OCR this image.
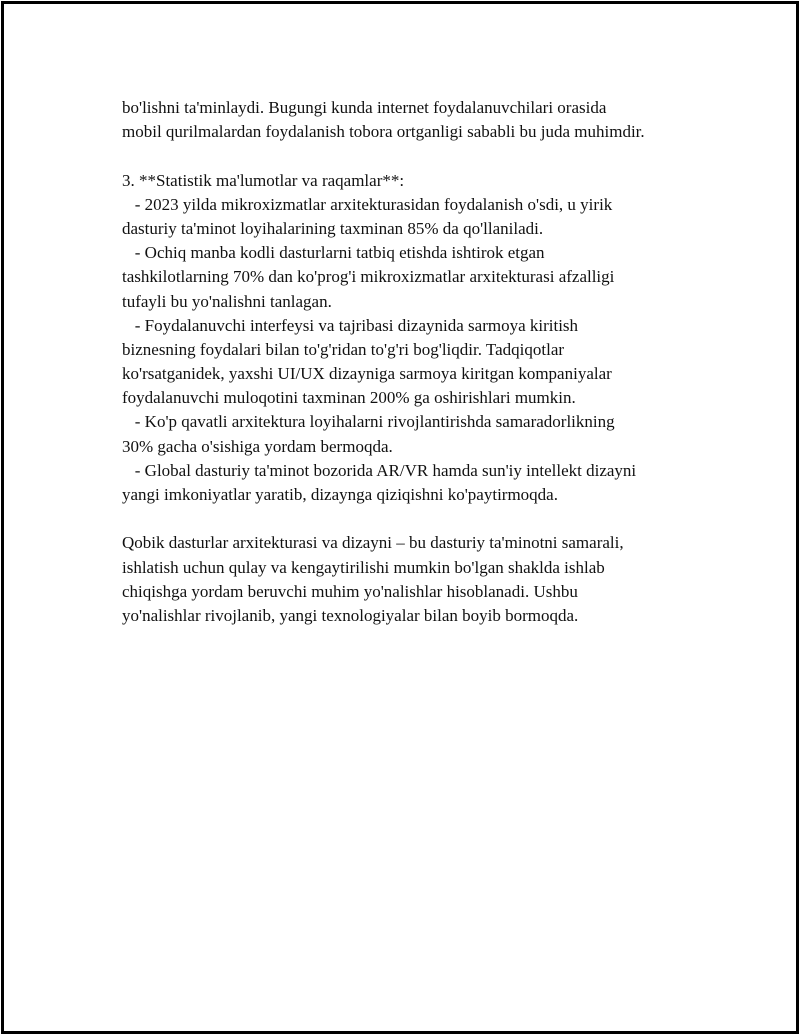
bo'lishni ta'minlaydi. Bugungi kunda internet foydalanuvchilari orasida
mobil qurilmalardan foydalanish tobora ortganligi sababli bu juda muhimdir.
3. **Statistik ma'lumotlar va raqamlar**:
- 2023 yilda mikroxizmatlar arxitekturasidan foydalanish o'sdi, u yirik
dasturiy ta'minot loyihalarining taxminan 85% da qo'llaniladi.
- Ochiq manba kodli dasturlarni tatbiq etishda ishtirok etgan
tashkilotlarning 70% dan ko'prog'i mikroxizmatlar arxitekturasi afzalligi
tufayli bu yo'nalishni tanlagan.
- Foydalanuvchi interfeysi va tajribasi dizaynida sarmoya kiritish
biznesning foydalari bilan to'g'ridan to'g'ri bog'liqdir. Tadqiqotlar
ko'rsatganidek, yaxshi UI/UX dizayniga sarmoya kiritgan kompaniyalar
foydalanuvchi muloqotini taxminan 200% ga oshirishlari mumkin.
- Ko'p qavatli arxitektura loyihalarni rivojlantirishda samaradorlikning
30% gacha o'sishiga yordam bermoqda.
- Global dasturiy ta'minot bozorida AR/VR hamda sun'iy intellekt dizayni
yangi imkoniyatlar yaratib, dizaynga qiziqishni ko'paytirmoqda.
Qobik dasturlar arxitekturasi va dizayni – bu dasturiy ta'minotni samarali,
ishlatish uchun qulay va kengaytirilishi mumkin bo'lgan shaklda ishlab
chiqishga yordam beruvchi muhim yo'nalishlar hisoblanadi. Ushbu
yo'nalishlar rivojlanib, yangi texnologiyalar bilan boyib bormoqda.
